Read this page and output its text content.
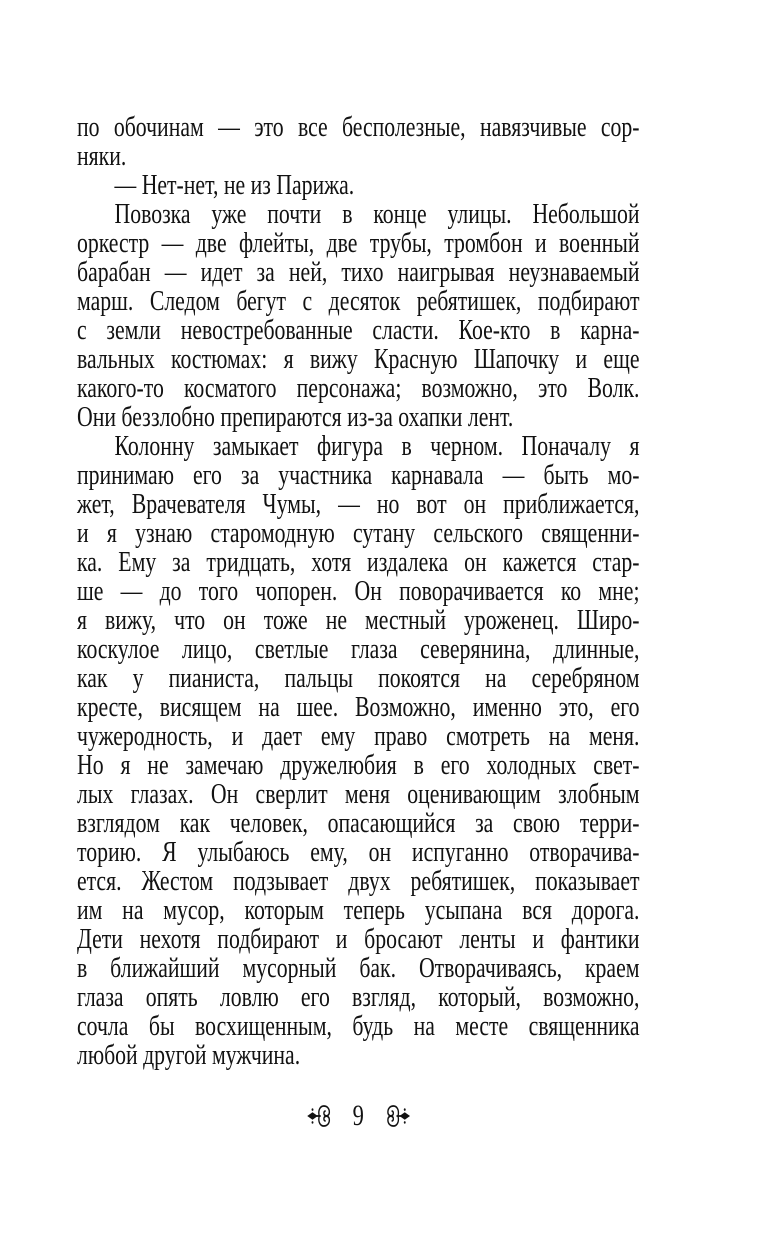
по обочинам — это все бесполезные, навязчивые сор-
няки.

— Нет-нет, не из Парижа.

Повозка уже почти в конце улицы. Небольшой
оркестр — две флейты, две трубы, тромбон и военный
барабан — идет за ней, тихо наигрывая неузнаваемый
марш. Следом бегут с десяток ребятишек, подбирают
с земли невостребованные сласти. Кое-кто в карна-
вальных костюмах: я вижу Красную Шапочку и еще
какого-то косматого персонажа; возможно, это Волк.
Они беззлобно препираются из-за охапки лент.

Колонну замыкает фигура в черном. Поначалу я
принимаю его за участника карнавала — быть мо-
жет, Врачевателя Чумы, — но вот он приближается,
и я узнаю старомодную сутану сельского священни-
ка. Ему за тридцать, хотя издалека он кажется стар-
ше — до того чопорен. Он поворачивается ко мне;
я вижу, что он тоже не местный уроженец. Широ-
коскулое лицо, светлые глаза северянина, длинные,
как у пианиста, пальцы покоятся на серебряном
кресте, висящем на шее. Возможно, именно это, его
чужеродность, и дает ему право смотреть на меня.
Но я не замечаю дружелюбия в его холодных свет-
лых глазах. Он сверлит меня оценивающим злобным
взглядом как человек, опасающийся за свою терри-
торию. Я улыбаюсь ему, он испуганно отворачива-
ется. Жестом подзывает двух ребятишек, показывает
им на мусор, которым теперь усыпана вся дорога.
Дети нехотя подбирают и бросают ленты и фантики
в ближайший мусорный бак. Отворачиваясь, краем
глаза опять ловлю его взгляд, который, возможно,
сочла бы восхищенным, будь на месте священника
любой другой мужчина.

9
